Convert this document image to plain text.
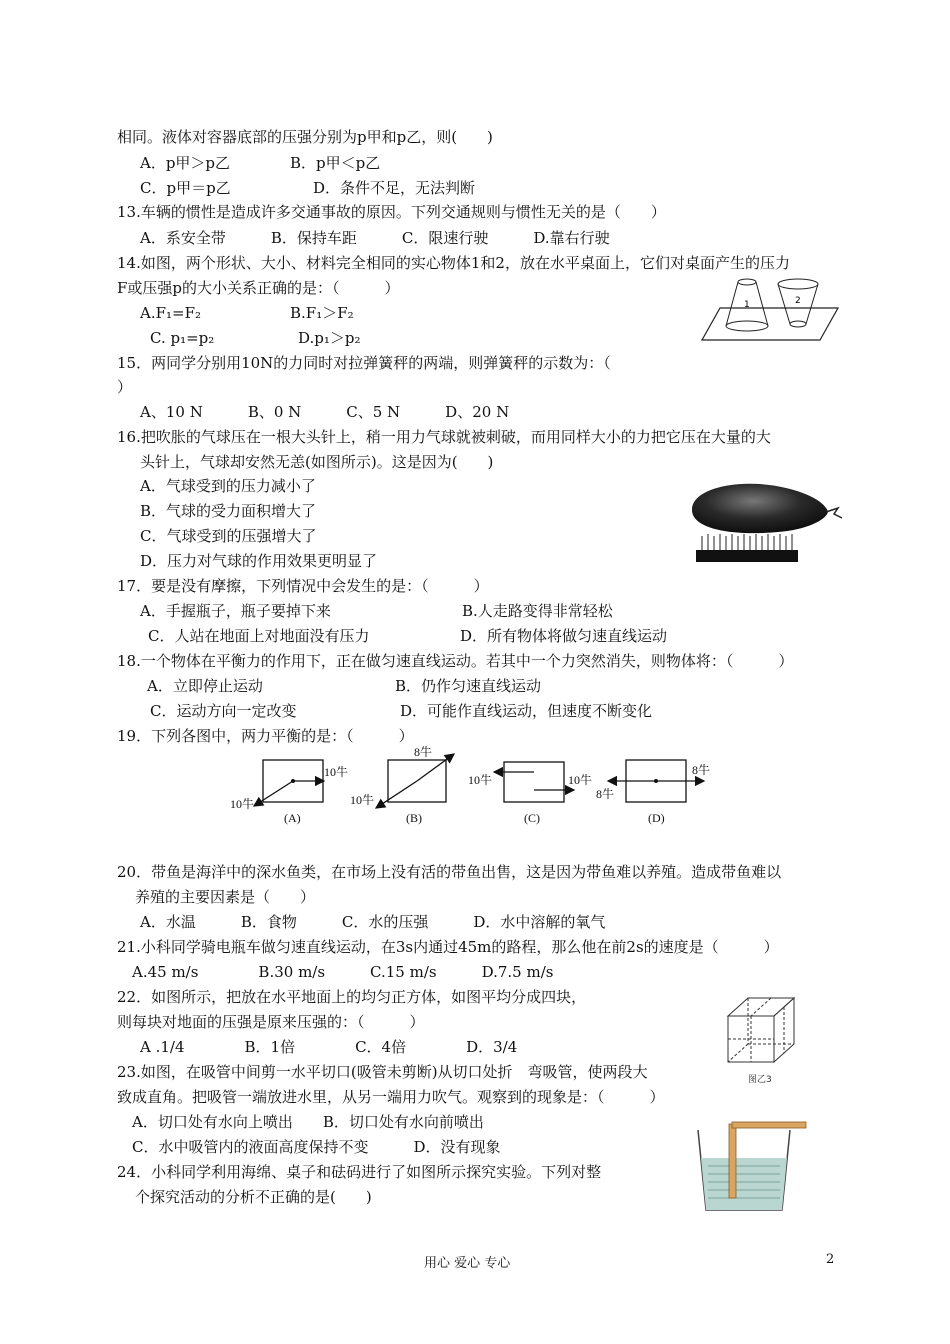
相同。液体对容器底部的压强分别为p甲和p乙，则(　　)
A．p甲＞p乙	B．p甲＜p乙
C．p甲＝p乙	D．条件不足，无法判断
13.车辆的惯性是造成许多交通事故的原因。下列交通规则与惯性无关的是（　　）
A．系安全带　　　B．保持车距　　　C．限速行驶　　　D.靠右行驶
14.如图，两个形状、大小、材料完全相同的实心物体1和2，放在水平桌面上，它们对桌面产生的压力
F或压强p的大小关系正确的是：（　　　）
A.F₁=F₂	B.F₁＞F₂
C. p₁=p₂	D.p₁＞p₂
15．两同学分别用10N的力同时对拉弹簧秤的两端，则弹簧秤的示数为：（
）
A、10 N　　　B、0 N　　　C、5 N　　　D、20 N
16.把吹胀的气球压在一根大头针上，稍一用力气球就被刺破，而用同样大小的力把它压在大量的大
头针上，气球却安然无恙(如图所示)。这是因为(　　)
A．气球受到的压力减小了
B．气球的受力面积增大了
C．气球受到的压强增大了
D．压力对气球的作用效果更明显了
17．要是没有摩擦，下列情况中会发生的是：（　　　）
A．手握瓶子，瓶子要掉下来	B.人走路变得非常轻松
C．人站在地面上对地面没有压力	D．所有物体将做匀速直线运动
18.一个物体在平衡力的作用下，正在做匀速直线运动。若其中一个力突然消失，则物体将：（　　　）
A．立即停止运动	B．仍作匀速直线运动
C．运动方向一定改变	D．可能作直线运动，但速度不断变化
19．下列各图中，两力平衡的是：（　　　）
20．带鱼是海洋中的深水鱼类，在市场上没有活的带鱼出售，这是因为带鱼难以养殖。造成带鱼难以
养殖的主要因素是（　　）
A．水温　　　B．食物　　　C．水的压强　　　D．水中溶解的氧气
21.小科同学骑电瓶车做匀速直线运动，在3s内通过45m的路程，那么他在前2s的速度是（　　　）
A.45 m/s　　　　B.30 m/s　　　C.15 m/s　　　D.7.5 m/s
22．如图所示，把放在水平地面上的均匀正方体，如图平均分成四块，
则每块对地面的压强是原来压强的：（　　　）
A .1/4　　　　B．1倍　　　　C．4倍　　　　D．3/4
23.如图，在吸管中间剪一水平切口(吸管未剪断)从切口处折　弯吸管，使两段大
致成直角。把吸管一端放进水里，从另一端用力吹气。观察到的现象是：（　　　）
A．切口处有水向上喷出　　B．切口处有水向前喷出
C．水中吸管内的液面高度保持不变　　　D．没有现象
24．小科同学利用海绵、桌子和砝码进行了如图所示探究实验。下列对整
个探究活动的分析不正确的是(　　)
1	2
10牛
10牛
(A)
8牛
10牛
(B)
10牛	10牛
(C)
8牛
8牛
(D)
图乙3
用心 爱心 专心	2
